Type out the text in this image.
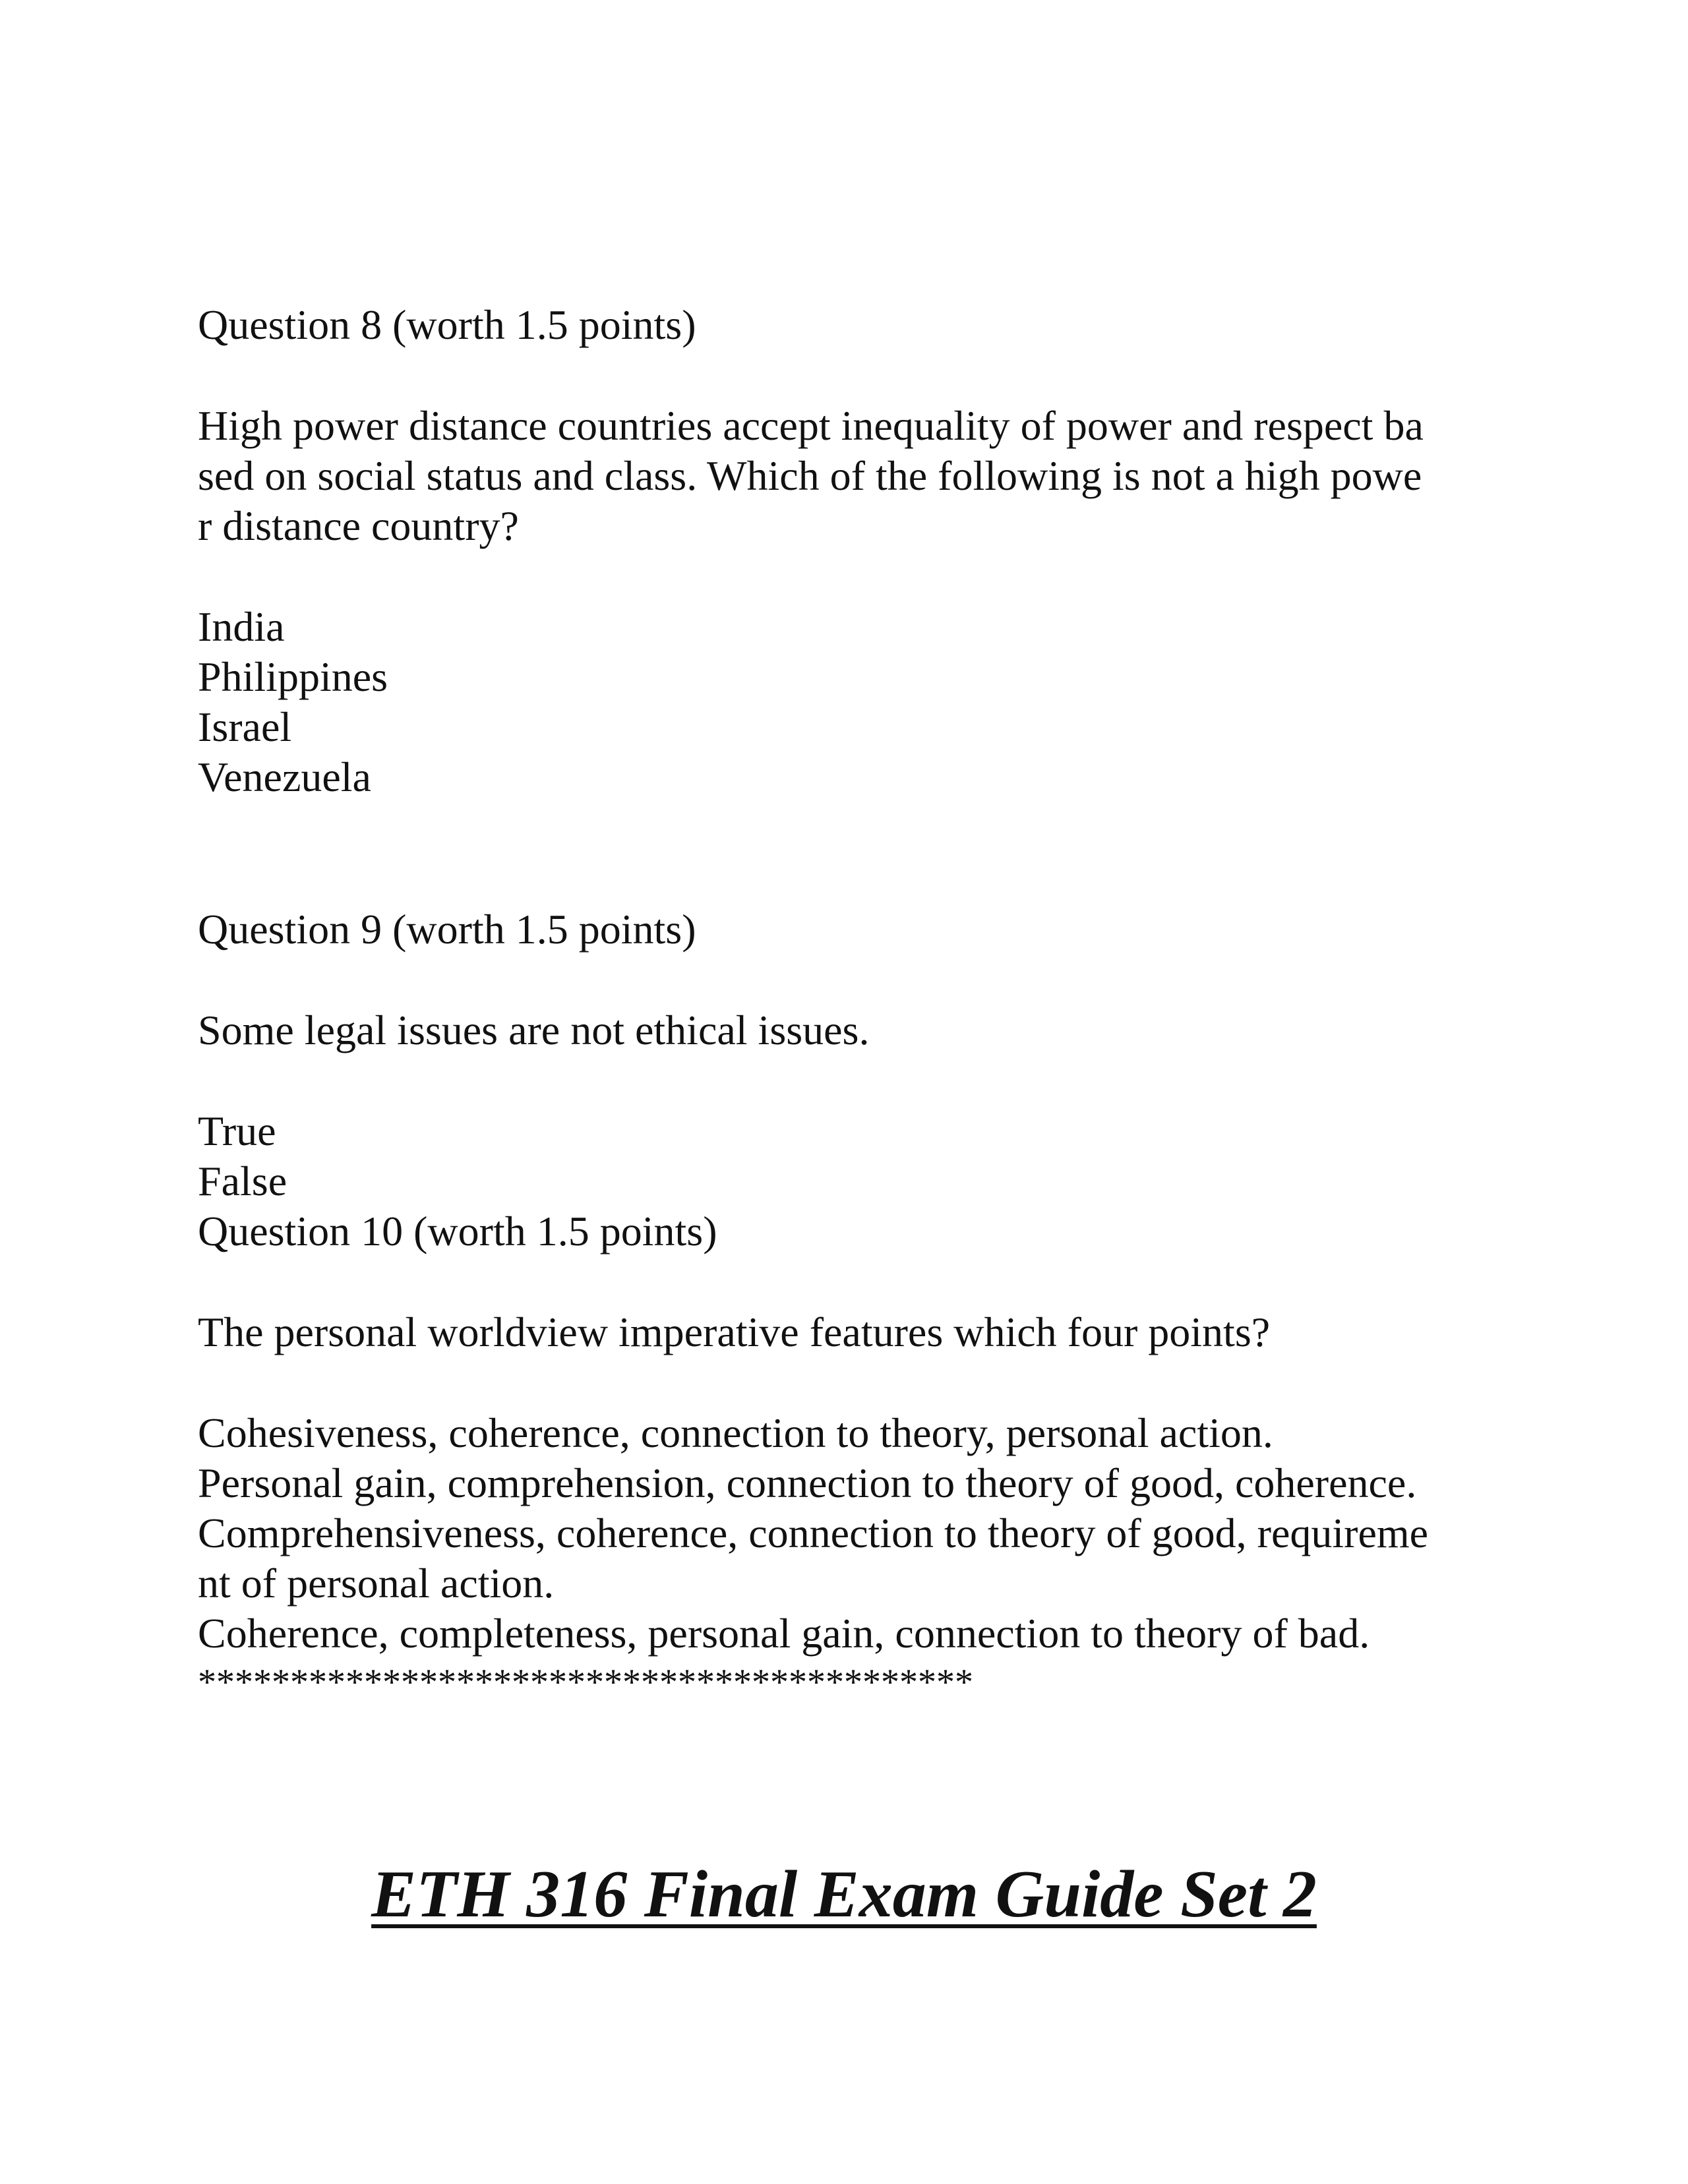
Question 8 (worth 1.5 points)

High power distance countries accept inequality of power and respect ba

sed on social status and class. Which of the following is not a high powe

r distance country?

India

Philippines

Israel

Venezuela

Question 9 (worth 1.5 points)

Some legal issues are not ethical issues.

True

False

Question 10 (worth 1.5 points)

The personal worldview imperative features which four points?

Cohesiveness, coherence, connection to theory, personal action.

Personal gain, comprehension, connection to theory of good, coherence.

Comprehensiveness, coherence, connection to theory of good, requireme

nt of personal action.

Coherence, completeness, personal gain, connection to theory of bad.

******************************************

ETH 316 Final Exam Guide Set 2
